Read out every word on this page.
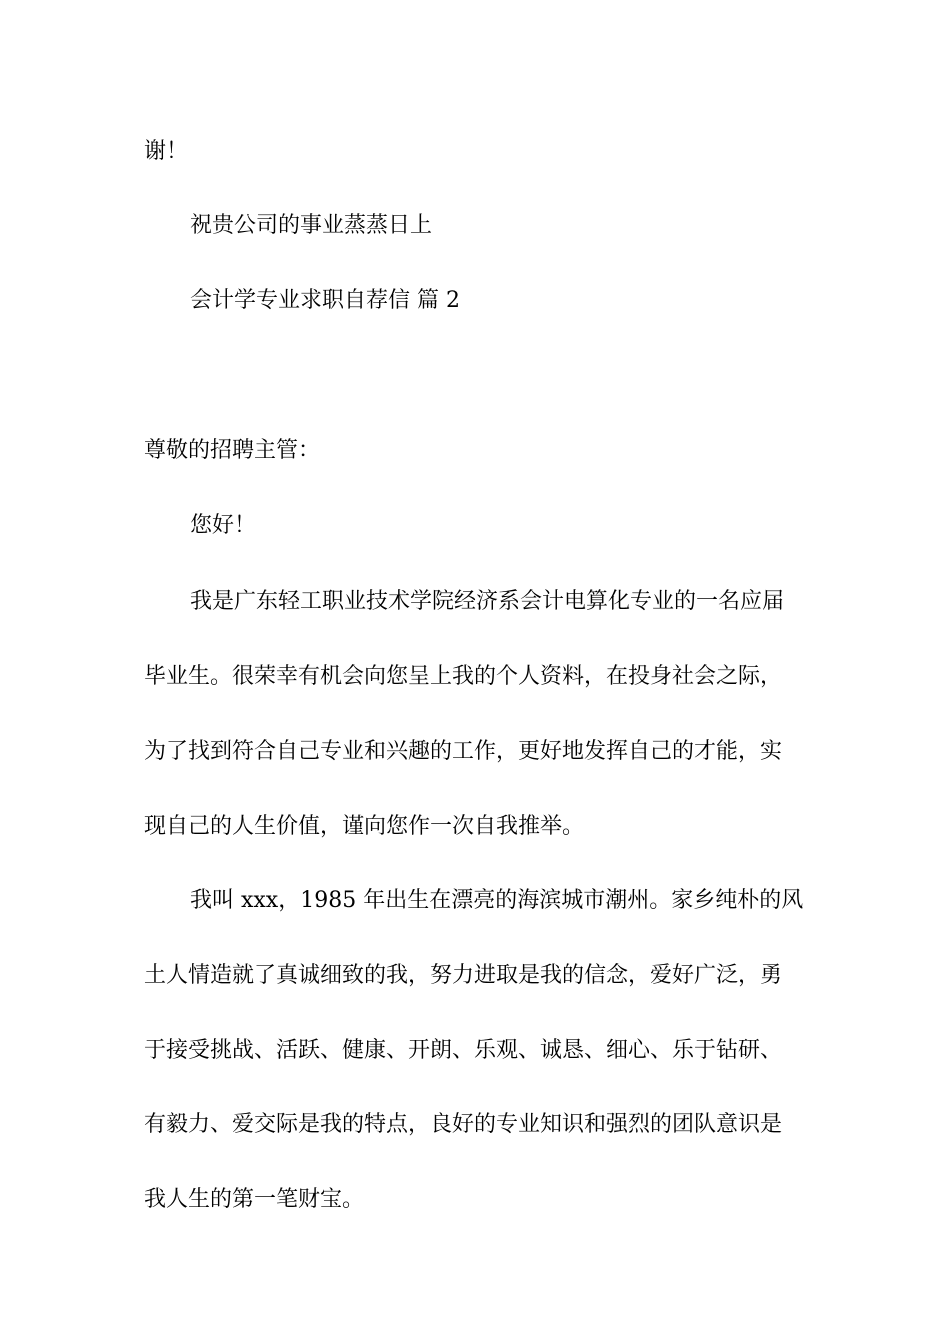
谢！

祝贵公司的事业蒸蒸日上

会计学专业求职自荐信 篇 2

尊敬的招聘主管：

您好！

我是广东轻工职业技术学院经济系会计电算化专业的一名应届

毕业生。很荣幸有机会向您呈上我的个人资料，在投身社会之际，

为了找到符合自己专业和兴趣的工作，更好地发挥自己的才能，实

现自己的人生价值，谨向您作一次自我推举。

我叫 xxx，1985 年出生在漂亮的海滨城市潮州。家乡纯朴的风

土人情造就了真诚细致的我，努力进取是我的信念，爱好广泛，勇

于接受挑战、活跃、健康、开朗、乐观、诚恳、细心、乐于钻研、

有毅力、爱交际是我的特点，良好的专业知识和强烈的团队意识是

我人生的第一笔财宝。
